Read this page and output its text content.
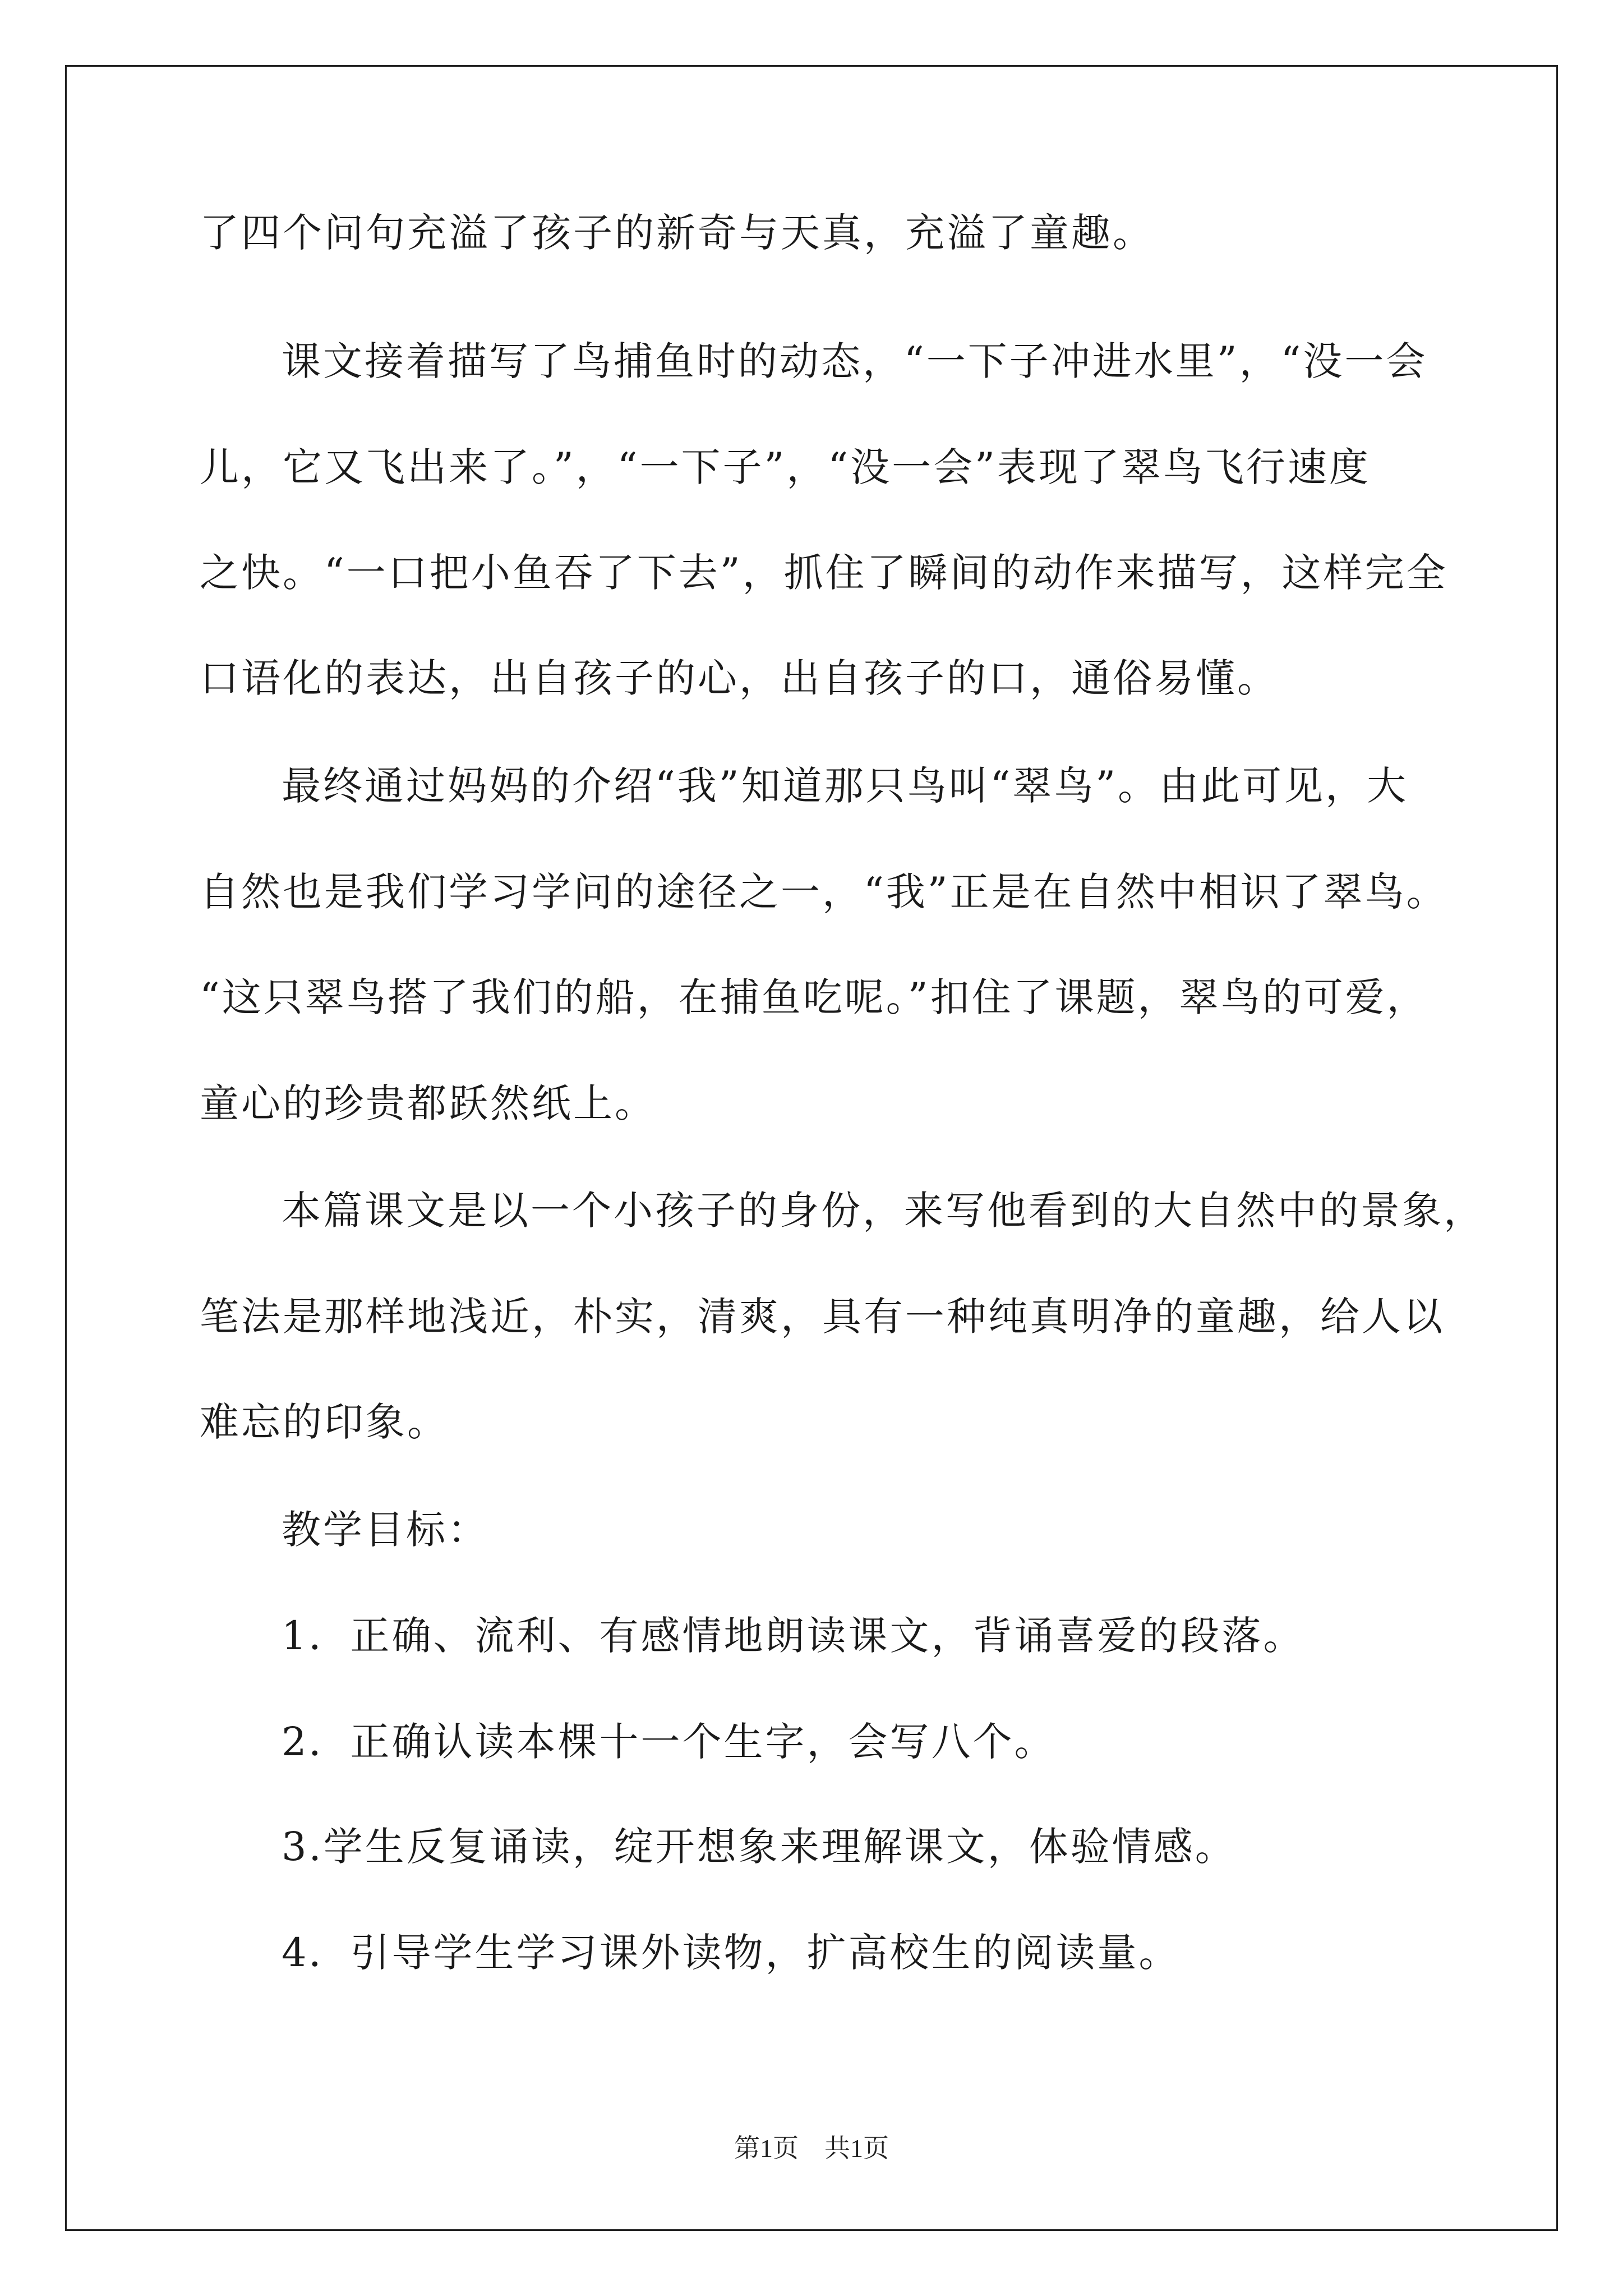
了四个问句充溢了孩子的新奇与天真，充溢了童趣。
课文接着描写了鸟捕鱼时的动态，“一下子冲进水里”，“没一会
儿，它又飞出来了。”，“一下子”，“没一会”表现了翠鸟飞行速度
之快。“一口把小鱼吞了下去”，抓住了瞬间的动作来描写，这样完全
口语化的表达，出自孩子的心，出自孩子的口，通俗易懂。
最终通过妈妈的介绍“我”知道那只鸟叫“翠鸟”。由此可见，大
自然也是我们学习学问的途径之一，“我”正是在自然中相识了翠鸟。
“这只翠鸟搭了我们的船，在捕鱼吃呢。”扣住了课题，翠鸟的可爱，
童心的珍贵都跃然纸上。
本篇课文是以一个小孩子的身份，来写他看到的大自然中的景象，
笔法是那样地浅近，朴实，清爽，具有一种纯真明净的童趣，给人以
难忘的印象。
教学目标：
1．正确、流利、有感情地朗读课文，背诵喜爱的段落。
2．正确认读本棵十一个生字，会写八个。
3.学生反复诵读，绽开想象来理解课文，体验情感。
4．引导学生学习课外读物，扩高校生的阅读量。
第1页　共1页
